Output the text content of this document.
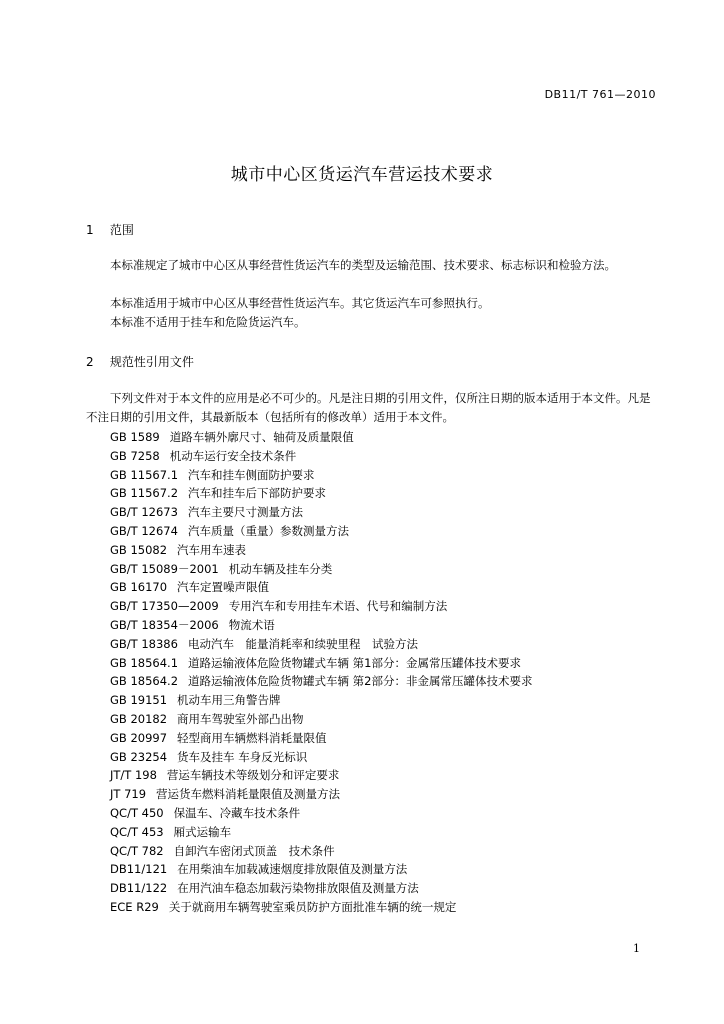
DB11/T 761—2010
城市中心区货运汽车营运技术要求
1 范围

本标准规定了城市中心区从事经营性货运汽车的类型及运输范围、技术要求、标志标识和检验方法。

本标准适用于城市中心区从事经营性货运汽车。其它货运汽车可参照执行。

本标准不适用于挂车和危险货运汽车。

2 规范性引用文件

下列文件对于本文件的应用是必不可少的。凡是注日期的引用文件，仅所注日期的版本适用于本文件。凡是不注日期的引用文件，其最新版本（包括所有的修改单）适用于本文件。

GB 1589 道路车辆外廓尺寸、轴荷及质量限值
GB 7258 机动车运行安全技术条件
GB 11567.1 汽车和挂车侧面防护要求
GB 11567.2 汽车和挂车后下部防护要求
GB/T 12673 汽车主要尺寸测量方法
GB/T 12674 汽车质量（重量）参数测量方法
GB 15082 汽车用车速表
GB/T 15089－2001 机动车辆及挂车分类
GB 16170 汽车定置噪声限值
GB/T 17350—2009 专用汽车和专用挂车术语、代号和编制方法
GB/T 18354－2006 物流术语
GB/T 18386 电动汽车　能量消耗率和续驶里程　试验方法
GB 18564.1 道路运输液体危险货物罐式车辆 第1部分：金属常压罐体技术要求
GB 18564.2 道路运输液体危险货物罐式车辆 第2部分：非金属常压罐体技术要求
GB 19151 机动车用三角警告牌
GB 20182 商用车驾驶室外部凸出物
GB 20997 轻型商用车辆燃料消耗量限值
GB 23254 货车及挂车 车身反光标识
JT/T 198 营运车辆技术等级划分和评定要求
JT 719 营运货车燃料消耗量限值及测量方法
QC/T 450 保温车、冷藏车技术条件
QC/T 453 厢式运输车
QC/T 782 自卸汽车密闭式顶盖　技术条件
DB11/121 在用柴油车加载减速烟度排放限值及测量方法
DB11/122 在用汽油车稳态加载污染物排放限值及测量方法
ECE R29 关于就商用车辆驾驶室乘员防护方面批准车辆的统一规定
1
